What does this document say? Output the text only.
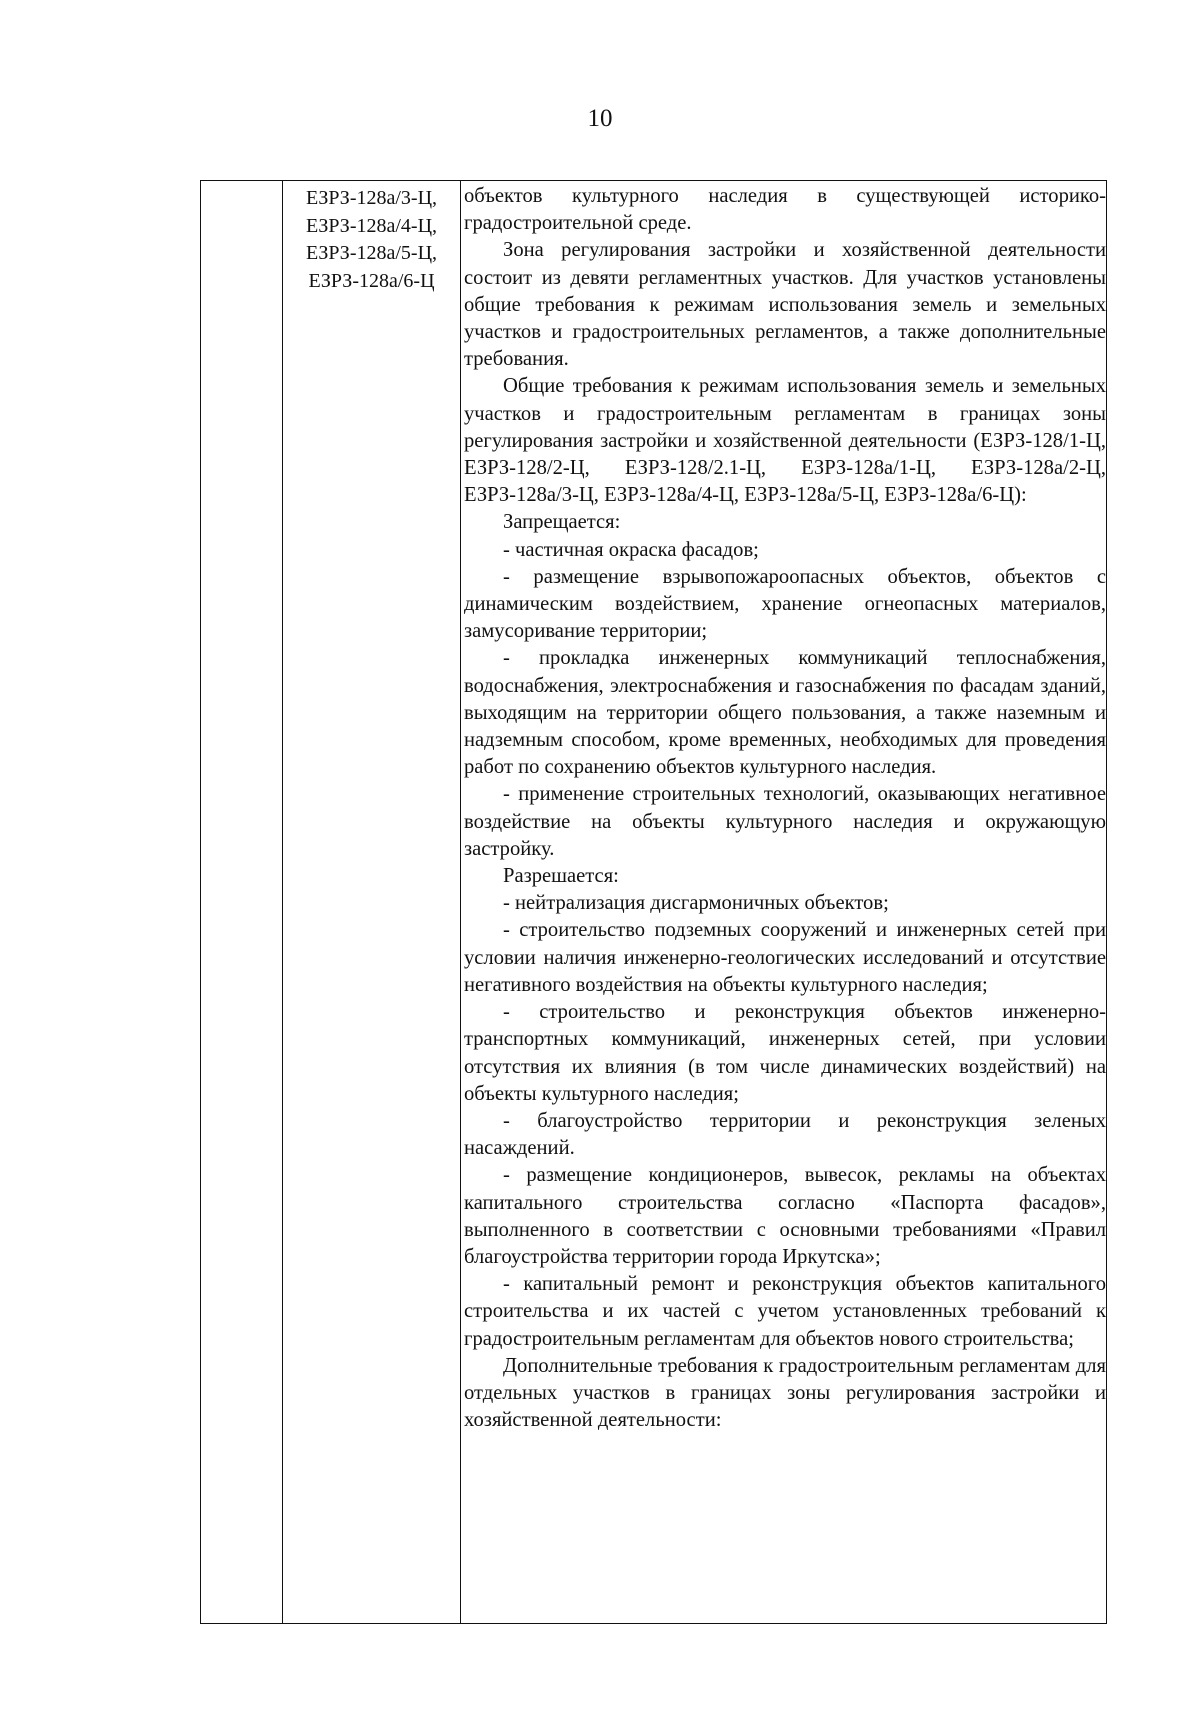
10
ЕЗРЗ-128а/3-Ц,
ЕЗРЗ-128а/4-Ц,
ЕЗРЗ-128а/5-Ц,
ЕЗРЗ-128а/6-Ц

объектов культурного наследия в существующей историко-градостроительной среде.

Зона регулирования застройки и хозяйственной деятельности состоит из девяти регламентных участков. Для участков установлены общие требования к режимам использования земель и земельных участков и градостроительных регламентов, а также дополнительные требования.

Общие требования к режимам использования земель и земельных участков и градостроительным регламентам в границах зоны регулирования застройки и хозяйственной деятельности (ЕЗРЗ-128/1-Ц, ЕЗРЗ-128/2-Ц, ЕЗРЗ-128/2.1-Ц, ЕЗРЗ-128а/1-Ц, ЕЗРЗ-128а/2-Ц, ЕЗРЗ-128а/3-Ц, ЕЗРЗ-128а/4-Ц, ЕЗРЗ-128а/5-Ц, ЕЗРЗ-128а/6-Ц):

Запрещается:

- частичная окраска фасадов;

- размещение взрывопожароопасных объектов, объектов с динамическим воздействием, хранение огнеопасных материалов, замусоривание территории;

- прокладка инженерных коммуникаций теплоснабжения, водоснабжения, электроснабжения и газоснабжения по фасадам зданий, выходящим на территории общего пользования, а также наземным и надземным способом, кроме временных, необходимых для проведения работ по сохранению объектов культурного наследия.

- применение строительных технологий, оказывающих негативное воздействие на объекты культурного наследия и окружающую застройку.

Разрешается:

- нейтрализация дисгармоничных объектов;

- строительство подземных сооружений и инженерных сетей при условии наличия инженерно-геологических исследований и отсутствие негативного воздействия на объекты культурного наследия;

- строительство и реконструкция объектов инженерно-транспортных коммуникаций, инженерных сетей, при условии отсутствия их влияния (в том числе динамических воздействий) на объекты культурного наследия;

- благоустройство территории и реконструкция зеленых насаждений.

- размещение кондиционеров, вывесок, рекламы на объектах капитального строительства согласно «Паспорта фасадов», выполненного в соответствии с основными требованиями «Правил благоустройства территории города Иркутска»;

- капитальный ремонт и реконструкция объектов капитального строительства и их частей с учетом установленных требований к градостроительным регламентам для объектов нового строительства;

Дополнительные требования к градостроительным регламентам для отдельных участков в границах зоны регулирования застройки и хозяйственной деятельности:
